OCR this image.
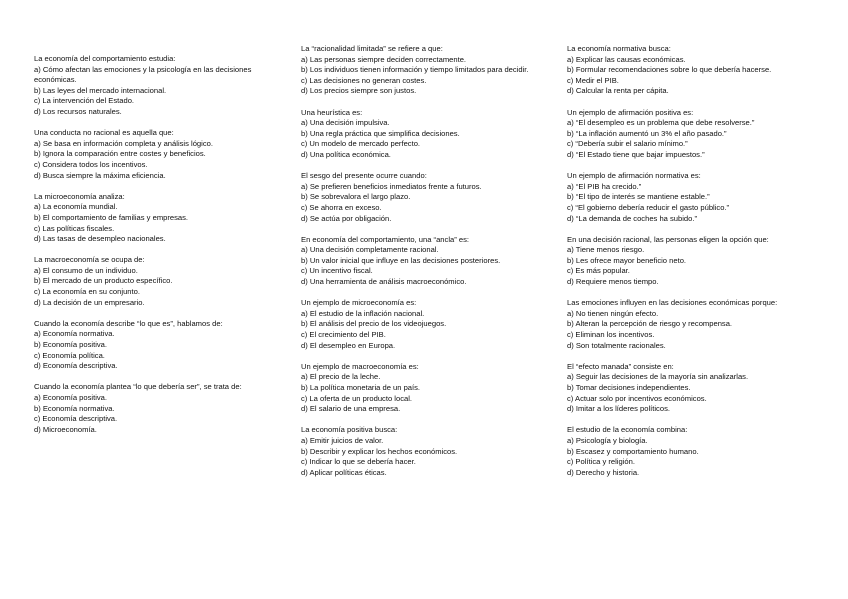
La economía del comportamiento estudia:
a) Cómo afectan las emociones y la psicología en las decisiones económicas.
b) Las leyes del mercado internacional.
c) La intervención del Estado.
d) Los recursos naturales.
Una conducta no racional es aquella que:
a) Se basa en información completa y análisis lógico.
b) Ignora la comparación entre costes y beneficios.
c) Considera todos los incentivos.
d) Busca siempre la máxima eficiencia.
La microeconomía analiza:
a) La economía mundial.
b) El comportamiento de familias y empresas.
c) Las políticas fiscales.
d) Las tasas de desempleo nacionales.
La macroeconomía se ocupa de:
a) El consumo de un individuo.
b) El mercado de un producto específico.
c) La economía en su conjunto.
d) La decisión de un empresario.
Cuando la economía describe “lo que es”, hablamos de:
a) Economía normativa.
b) Economía positiva.
c) Economía política.
d) Economía descriptiva.
Cuando la economía plantea “lo que debería ser”, se trata de:
a) Economía positiva.
b) Economía normativa.
c) Economía descriptiva.
d) Microeconomía.
La “racionalidad limitada” se refiere a que:
a) Las personas siempre deciden correctamente.
b) Los individuos tienen información y tiempo limitados para decidir.
c) Las decisiones no generan costes.
d) Los precios siempre son justos.
Una heurística es:
a) Una decisión impulsiva.
b) Una regla práctica que simplifica decisiones.
c) Un modelo de mercado perfecto.
d) Una política económica.
El sesgo del presente ocurre cuando:
a) Se prefieren beneficios inmediatos frente a futuros.
b) Se sobrevalora el largo plazo.
c) Se ahorra en exceso.
d) Se actúa por obligación.
En economía del comportamiento, una “ancla” es:
a) Una decisión completamente racional.
b) Un valor inicial que influye en las decisiones posteriores.
c) Un incentivo fiscal.
d) Una herramienta de análisis macroeconómico.
Un ejemplo de microeconomía es:
a) El estudio de la inflación nacional.
b) El análisis del precio de los videojuegos.
c) El crecimiento del PIB.
d) El desempleo en Europa.
Un ejemplo de macroeconomía es:
a) El precio de la leche.
b) La política monetaria de un país.
c) La oferta de un producto local.
d) El salario de una empresa.
La economía positiva busca:
a) Emitir juicios de valor.
b) Describir y explicar los hechos económicos.
c) Indicar lo que se debería hacer.
d) Aplicar políticas éticas.
La economía normativa busca:
a) Explicar las causas económicas.
b) Formular recomendaciones sobre lo que debería hacerse.
c) Medir el PIB.
d) Calcular la renta per cápita.
Un ejemplo de afirmación positiva es:
a) “El desempleo es un problema que debe resolverse.”
b) “La inflación aumentó un 3% el año pasado.”
c) “Debería subir el salario mínimo.”
d) “El Estado tiene que bajar impuestos.”
Un ejemplo de afirmación normativa es:
a) “El PIB ha crecido.”
b) “El tipo de interés se mantiene estable.”
c) “El gobierno debería reducir el gasto público.”
d) “La demanda de coches ha subido.”
En una decisión racional, las personas eligen la opción que:
a) Tiene menos riesgo.
b) Les ofrece mayor beneficio neto.
c) Es más popular.
d) Requiere menos tiempo.
Las emociones influyen en las decisiones económicas porque:
a) No tienen ningún efecto.
b) Alteran la percepción de riesgo y recompensa.
c) Eliminan los incentivos.
d) Son totalmente racionales.
El “efecto manada” consiste en:
a) Seguir las decisiones de la mayoría sin analizarlas.
b) Tomar decisiones independientes.
c) Actuar solo por incentivos económicos.
d) Imitar a los líderes políticos.
El estudio de la economía combina:
a) Psicología y biología.
b) Escasez y comportamiento humano.
c) Política y religión.
d) Derecho y historia.
